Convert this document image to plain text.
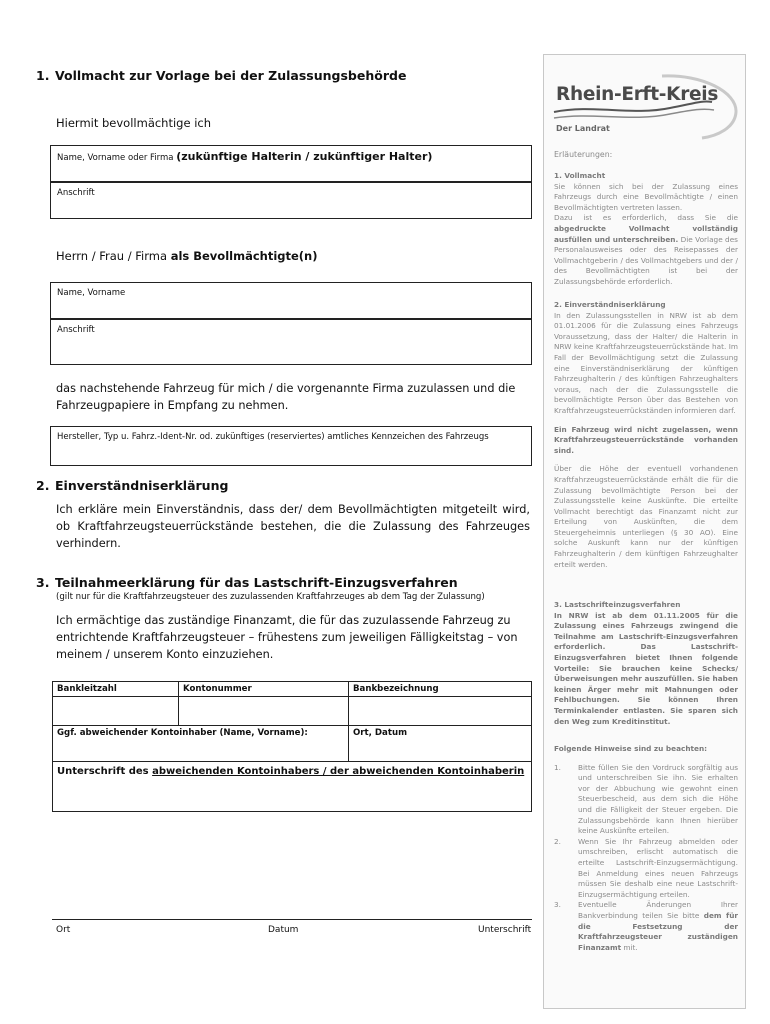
1. Vollmacht zur Vorlage bei der Zulassungsbehörde
Hiermit bevollmächtige ich
Name, Vorname oder Firma (zukünftige Halterin / zukünftiger Halter)
Anschrift
Herrn / Frau / Firma als Bevollmächtigte(n)
Name, Vorname
Anschrift
das nachstehende Fahrzeug für mich / die vorgenannte Firma zuzulassen und die Fahrzeugpapiere in Empfang zu nehmen.
Hersteller, Typ u. Fahrz.-Ident-Nr. od. zukünftiges (reserviertes) amtliches Kennzeichen des Fahrzeugs
2. Einverständniserklärung
Ich erkläre mein Einverständnis, dass der/ dem Bevollmächtigten mitgeteilt wird, ob Kraftfahrzeugsteuerrückstände bestehen, die die Zulassung des Fahrzeuges verhindern.
3. Teilnahmeerklärung für das Lastschrift-Einzugsverfahren
(gilt nur für die Kraftfahrzeugsteuer des zuzulassenden Kraftfahrzeuges ab dem Tag der Zulassung)
Ich ermächtige das zuständige Finanzamt, die für das zuzulassende Fahrzeug zu entrichtende Kraftfahrzeugsteuer – frühestens zum jeweiligen Fälligkeitstag – von meinem / unserem Konto einzuziehen.
Bankleitzahl	Kontonummer	Bankbezeichnung

Ggf. abweichender Kontoinhaber (Name, Vorname):		Ort, Datum
Unterschrift des abweichenden Kontoinhabers / der abweichenden Kontoinhaberin		
Ort	Datum	Unterschrift
Rhein-Erft-Kreis
Der Landrat
Erläuterungen:
1. Vollmacht
Sie können sich bei der Zulassung eines Fahrzeugs durch eine Bevollmächtigte / einen Bevollmächtigten vertreten lassen.
Dazu ist es erforderlich, dass Sie die abgedruckte Vollmacht vollständig ausfüllen und unterschreiben. Die Vorlage des Personalausweises oder des Reisepasses der Vollmachtgeberin / des Vollmachtgebers und der / des Bevollmächtigten ist bei der Zulassungsbehörde erforderlich.
2. Einverständniserklärung
In den Zulassungsstellen in NRW ist ab dem 01.01.2006 für die Zulassung eines Fahrzeugs Voraussetzung, dass der Halter/ die Halterin in NRW keine Kraftfahrzeugsteuerrückstände hat. Im Fall der Bevollmächtigung setzt die Zulassung eine Einverständniserklärung der künftigen Fahrzeughalterin / des künftigen Fahrzeughalters voraus, nach der die Zulassungsstelle die bevollmächtigte Person über das Bestehen von Kraftfahrzeugsteuerrückständen informieren darf.
Ein Fahrzeug wird nicht zugelassen, wenn Kraftfahrzeugsteuerrückstände vorhanden sind.
Über die Höhe der eventuell vorhandenen Kraftfahrzeugsteuerrückstände erhält die für die Zulassung bevollmächtigte Person bei der Zulassungsstelle keine Auskünfte. Die erteilte Vollmacht berechtigt das Finanzamt nicht zur Erteilung von Auskünften, die dem Steuergeheimnis unterliegen (§ 30 AO). Eine solche Auskunft kann nur der künftigen Fahrzeughalterin / dem künftigen Fahrzeughalter erteilt werden.
3. Lastschrifteinzugsverfahren
In NRW ist ab dem 01.11.2005 für die Zulassung eines Fahrzeugs zwingend die Teilnahme am Lastschrift-Einzugsverfahren erforderlich. Das Lastschrift-Einzugsverfahren bietet Ihnen folgende Vorteile: Sie brauchen keine Schecks/Überweisungen mehr auszufüllen. Sie haben keinen Ärger mehr mit Mahnungen oder Fehlbuchungen. Sie können Ihren Terminkalender entlasten. Sie sparen sich den Weg zum Kreditinstitut.
Folgende Hinweise sind zu beachten:
1. Bitte füllen Sie den Vordruck sorgfältig aus und unterschreiben Sie ihn. Sie erhalten vor der Abbuchung wie gewohnt einen Steuerbescheid, aus dem sich die Höhe und die Fälligkeit der Steuer ergeben. Die Zulassungsbehörde kann Ihnen hierüber keine Auskünfte erteilen.
2. Wenn Sie Ihr Fahrzeug abmelden oder umschreiben, erlischt automatisch die erteilte Lastschrift-Einzugsermächtigung. Bei Anmeldung eines neuen Fahrzeugs müssen Sie deshalb eine neue Lastschrift-Einzugsermächtigung erteilen.
3. Eventuelle Änderungen Ihrer Bankverbindung teilen Sie bitte dem für die Festsetzung der Kraftfahrzeugsteuer zuständigen Finanzamt mit.
